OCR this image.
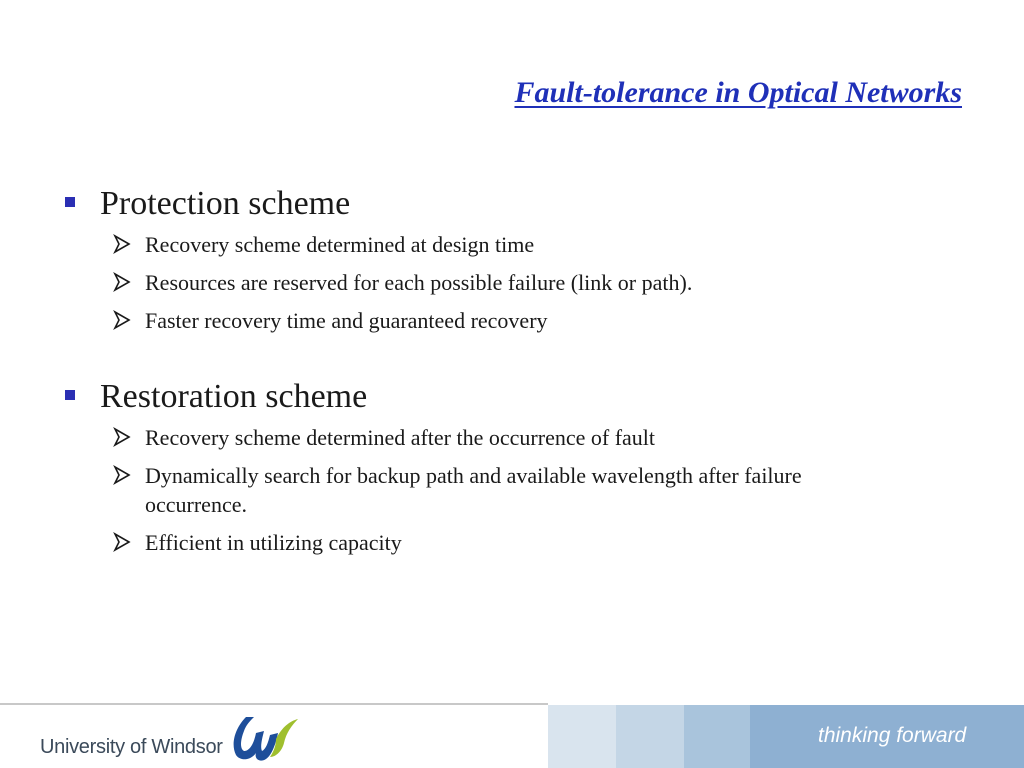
Fault-tolerance in Optical Networks
Protection scheme
Recovery scheme determined at design time
Resources are reserved for each possible failure (link or path).
Faster recovery time and guaranteed recovery
Restoration scheme
Recovery scheme determined after the occurrence of fault
Dynamically search for backup path and available wavelength after failure occurrence.
Efficient in utilizing capacity
University of Windsor	thinking forward
